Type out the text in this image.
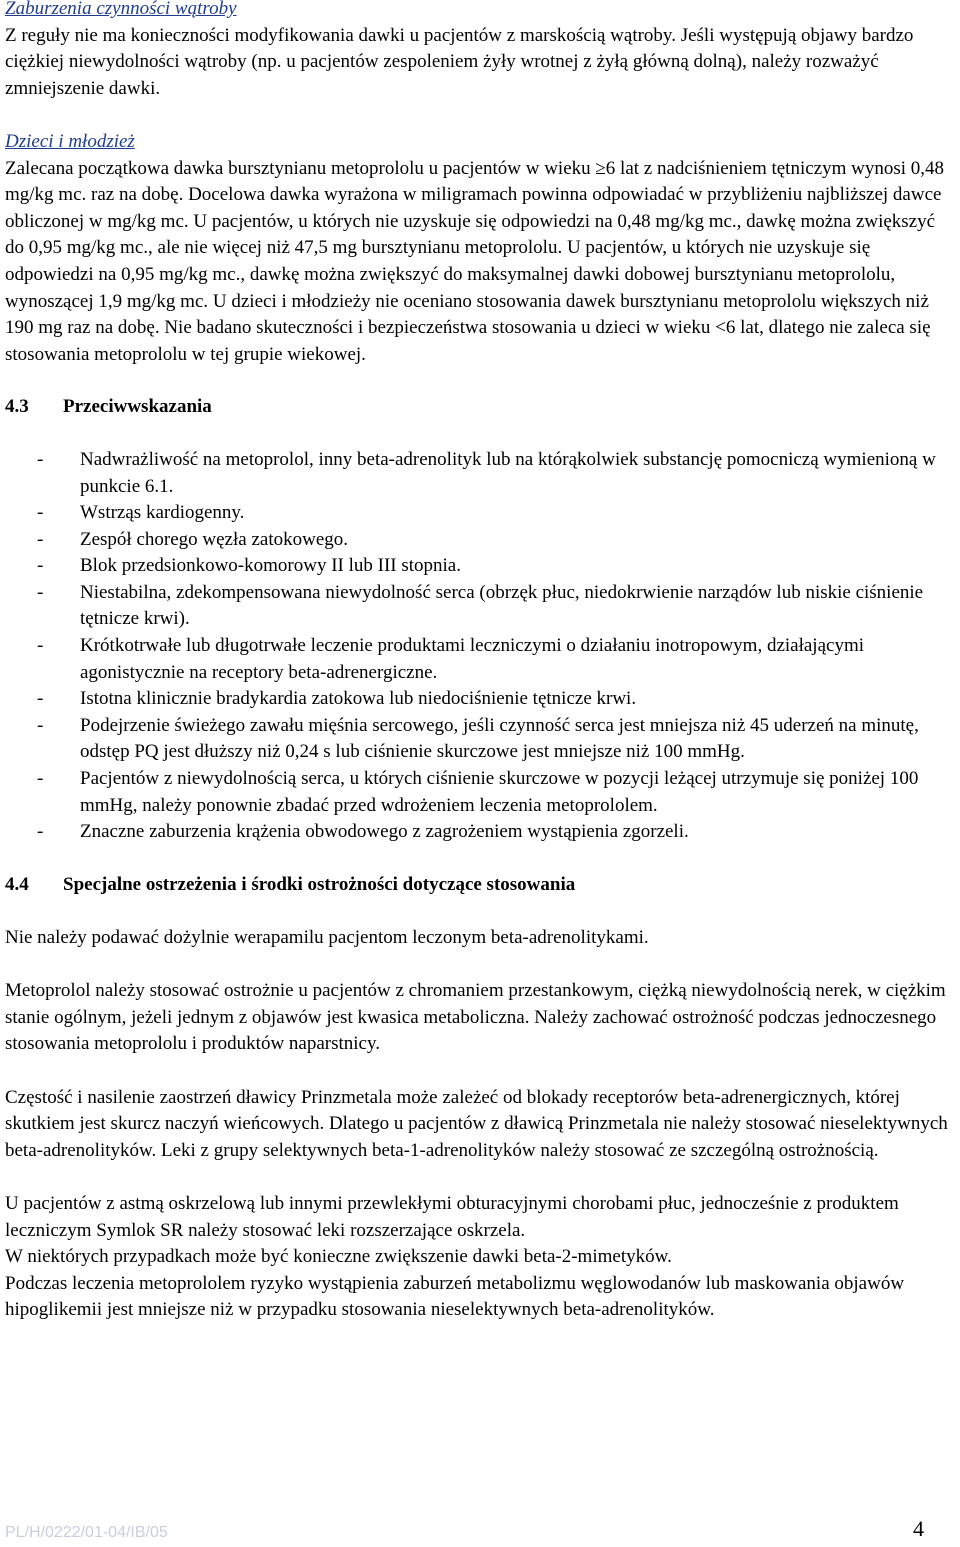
Zaburzenia czynności wątroby

Z reguły nie ma konieczności modyfikowania dawki u pacjentów z marskością wątroby. Jeśli występują objawy bardzo ciężkiej niewydolności wątroby (np. u pacjentów zespoleniem żyły wrotnej z żyłą główną dolną), należy rozważyć zmniejszenie dawki.

Dzieci i młodzież

Zalecana początkowa dawka bursztynianu metoprololu u pacjentów w wieku ≥6 lat z nadciśnieniem tętniczym wynosi 0,48 mg/kg mc. raz na dobę. Docelowa dawka wyrażona w miligramach powinna odpowiadać w przybliżeniu najbliższej dawce obliczonej w mg/kg mc. U pacjentów, u których nie uzyskuje się odpowiedzi na 0,48 mg/kg mc., dawkę można zwiększyć do 0,95 mg/kg mc., ale nie więcej niż 47,5 mg bursztynianu metoprololu. U pacjentów, u których nie uzyskuje się odpowiedzi na 0,95 mg/kg mc., dawkę można zwiększyć do maksymalnej dawki dobowej bursztynianu metoprololu, wynoszącej 1,9 mg/kg mc. U dzieci i młodzieży nie oceniano stosowania dawek bursztynianu metoprololu większych niż 190 mg raz na dobę. Nie badano skuteczności i bezpieczeństwa stosowania u dzieci w wieku <6 lat, dlatego nie zaleca się stosowania metoprololu w tej grupie wiekowej.

4.3	Przeciwwskazania
-	Nadwrażliwość na metoprolol, inny beta-adrenolityk lub na którąkolwiek substancję pomocniczą wymienioną w punkcie 6.1.
-	Wstrząs kardiogenny.
-	Zespół chorego węzła zatokowego.
-	Blok przedsionkowo-komorowy II lub III stopnia.
-	Niestabilna, zdekompensowana niewydolność serca (obrzęk płuc, niedokrwienie narządów lub niskie ciśnienie tętnicze krwi).
-	Krótkotrwałe lub długotrwałe leczenie produktami leczniczymi o działaniu inotropowym, działającymi agonistycznie na receptory beta-adrenergiczne.
-	Istotna klinicznie bradykardia zatokowa lub niedociśnienie tętnicze krwi.
-	Podejrzenie świeżego zawału mięśnia sercowego, jeśli czynność serca jest mniejsza niż 45 uderzeń na minutę, odstęp PQ jest dłuższy niż 0,24 s lub ciśnienie skurczowe jest mniejsze niż 100 mmHg.
-	Pacjentów z niewydolnością serca, u których ciśnienie skurczowe w pozycji leżącej utrzymuje się poniżej 100 mmHg, należy ponownie zbadać przed wdrożeniem leczenia metoprololem.
-	Znaczne zaburzenia krążenia obwodowego z zagrożeniem wystąpienia zgorzeli.
4.4	Specjalne ostrzeżenia i środki ostrożności dotyczące stosowania

Nie należy podawać dożylnie werapamilu pacjentom leczonym beta-adrenolitykami.

Metoprolol należy stosować ostrożnie u pacjentów z chromaniem przestankowym, ciężką niewydolnością nerek, w ciężkim stanie ogólnym, jeżeli jednym z objawów jest kwasica metaboliczna. Należy zachować ostrożność podczas jednoczesnego stosowania metoprololu i produktów naparstnicy.

Częstość i nasilenie zaostrzeń dławicy Prinzmetala może zależeć od blokady receptorów beta-adrenergicznych, której skutkiem jest skurcz naczyń wieńcowych. Dlatego u pacjentów z dławicą Prinzmetala nie należy stosować nieselektywnych beta-adrenolityków. Leki z grupy selektywnych beta-1-adrenolityków należy stosować ze szczególną ostrożnością.

U pacjentów z astmą oskrzelową lub innymi przewlekłymi obturacyjnymi chorobami płuc, jednocześnie z produktem leczniczym Symlok SR należy stosować leki rozszerzające oskrzela.

W niektórych przypadkach może być konieczne zwiększenie dawki beta-2-mimetyków.

Podczas leczenia metoprololem ryzyko wystąpienia zaburzeń metabolizmu węglowodanów lub maskowania objawów hipoglikemii jest mniejsze niż w przypadku stosowania nieselektywnych beta-adrenolityków.

PL/H/0222/01-04/IB/05	4
